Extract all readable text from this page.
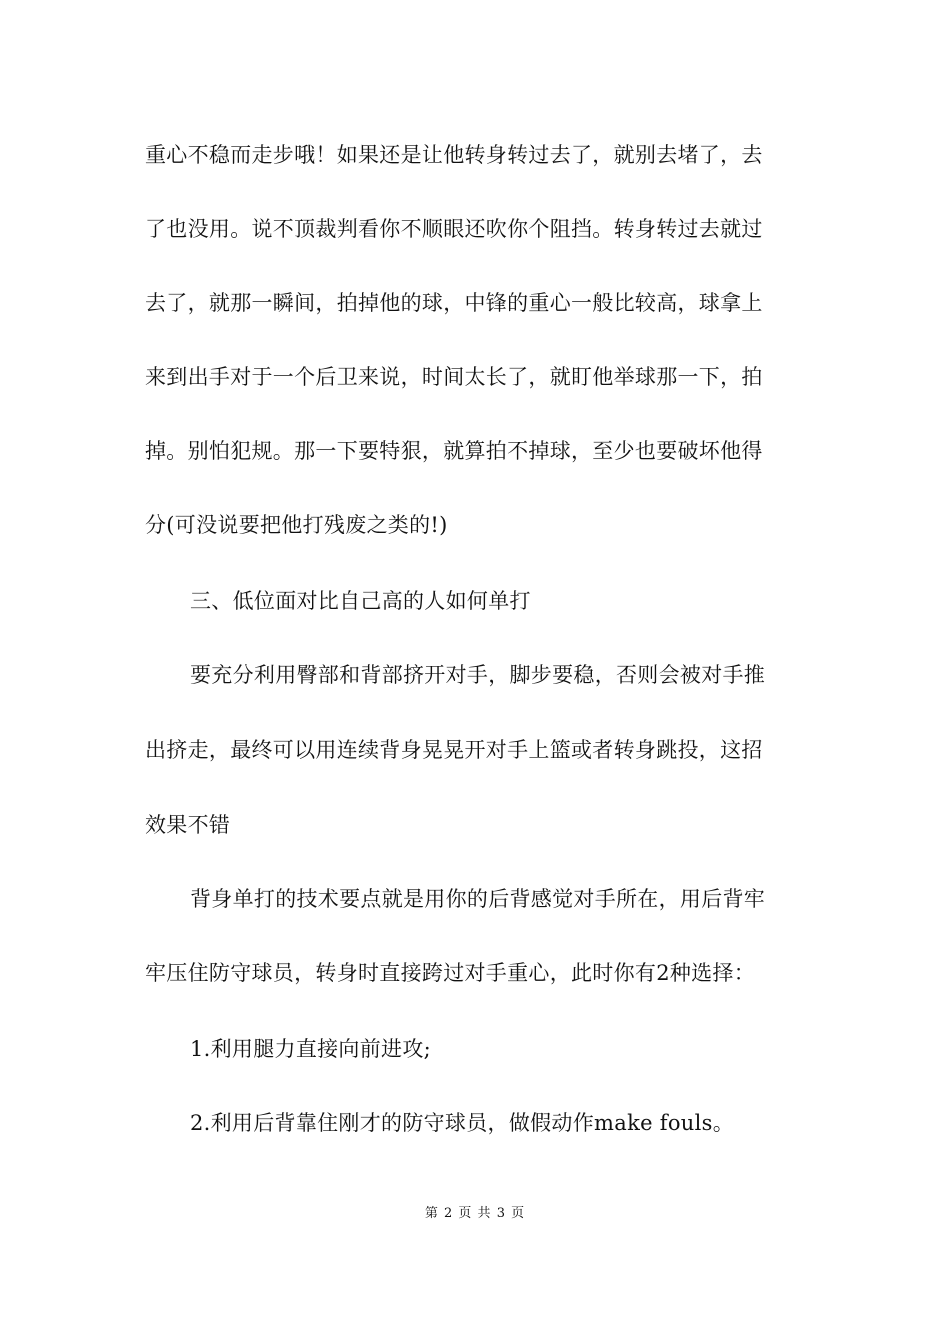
重心不稳而走步哦！如果还是让他转身转过去了，就别去堵了，去
了也没用。说不顶裁判看你不顺眼还吹你个阻挡。转身转过去就过
去了，就那一瞬间，拍掉他的球，中锋的重心一般比较高，球拿上
来到出手对于一个后卫来说，时间太长了，就盯他举球那一下，拍
掉。别怕犯规。那一下要特狠，就算拍不掉球，至少也要破坏他得
分(可没说要把他打残废之类的!)
三、低位面对比自己高的人如何单打
要充分利用臀部和背部挤开对手，脚步要稳，否则会被对手推
出挤走，最终可以用连续背身晃晃开对手上篮或者转身跳投，这招
效果不错
背身单打的技术要点就是用你的后背感觉对手所在，用后背牢
牢压住防守球员，转身时直接跨过对手重心，此时你有2种选择：
1.利用腿力直接向前进攻;
2.利用后背靠住刚才的防守球员，做假动作make fouls。
第 2 页 共 3 页
